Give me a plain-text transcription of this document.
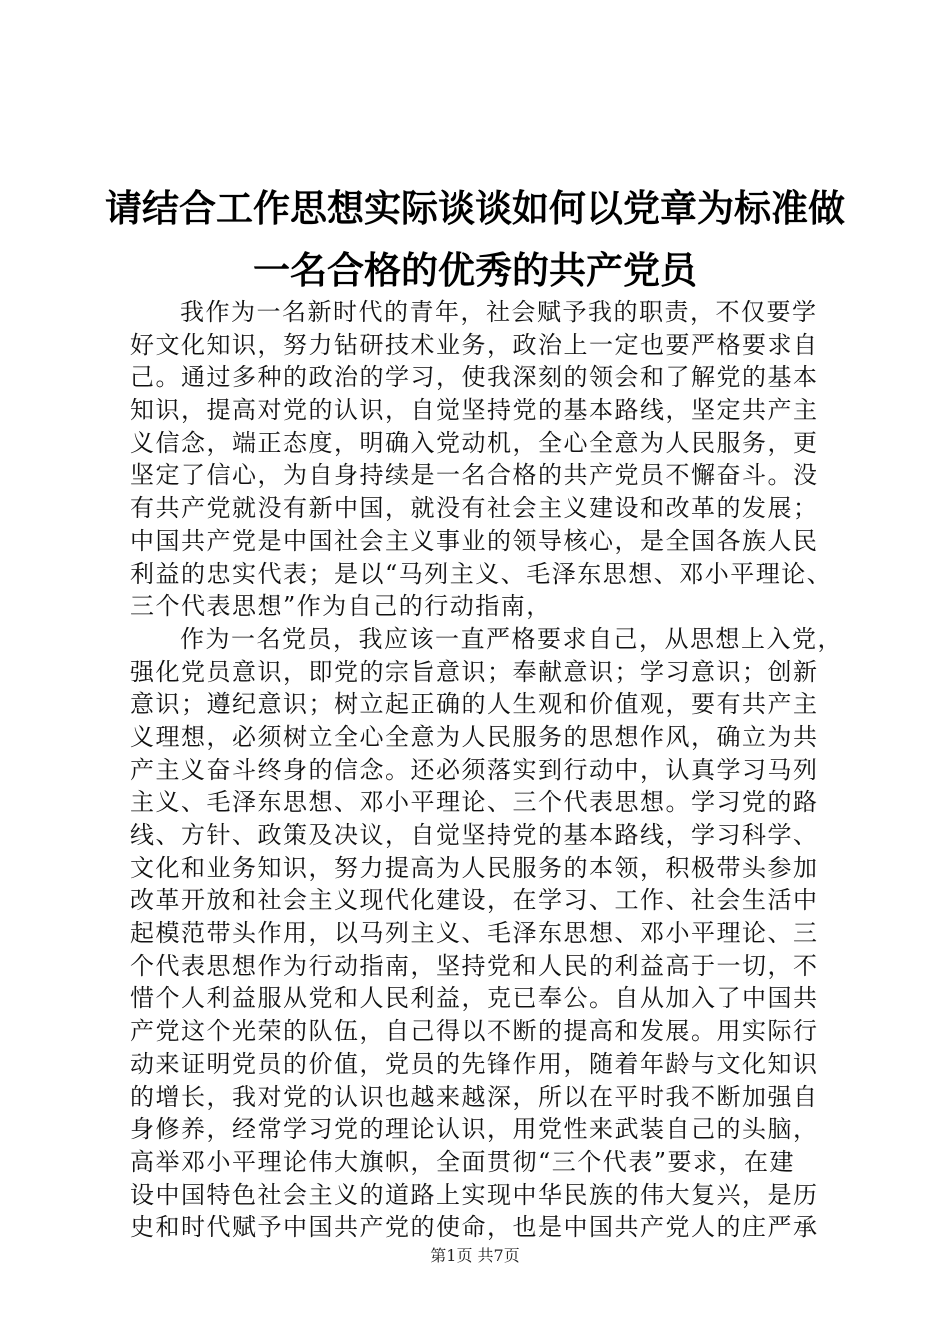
请结合工作思想实际谈谈如何以党章为标准做
一名合格的优秀的共产党员
我作为一名新时代的青年，社会赋予我的职责，不仅要学
好文化知识，努力钻研技术业务，政治上一定也要严格要求自
己。通过多种的政治的学习，使我深刻的领会和了解党的基本
知识，提高对党的认识，自觉坚持党的基本路线，坚定共产主
义信念，端正态度，明确入党动机，全心全意为人民服务，更
坚定了信心，为自身持续是一名合格的共产党员不懈奋斗。没
有共产党就没有新中国，就没有社会主义建设和改革的发展；
中国共产党是中国社会主义事业的领导核心，是全国各族人民
利益的忠实代表；是以“马列主义、毛泽东思想、邓小平理论、
三个代表思想”作为自己的行动指南，
作为一名党员，我应该一直严格要求自己，从思想上入党，
强化党员意识，即党的宗旨意识；奉献意识；学习意识；创新
意识；遵纪意识；树立起正确的人生观和价值观，要有共产主
义理想，必须树立全心全意为人民服务的思想作风，确立为共
产主义奋斗终身的信念。还必须落实到行动中，认真学习马列
主义、毛泽东思想、邓小平理论、三个代表思想。学习党的路
线、方针、政策及决议，自觉坚持党的基本路线，学习科学、
文化和业务知识，努力提高为人民服务的本领，积极带头参加
改革开放和社会主义现代化建设，在学习、工作、社会生活中
起模范带头作用，以马列主义、毛泽东思想、邓小平理论、三
个代表思想作为行动指南，坚持党和人民的利益高于一切，不
惜个人利益服从党和人民利益，克已奉公。自从加入了中国共
产党这个光荣的队伍，自己得以不断的提高和发展。用实际行
动来证明党员的价值，党员的先锋作用，随着年龄与文化知识
的增长，我对党的认识也越来越深，所以在平时我不断加强自
身修养，经常学习党的理论认识，用党性来武装自己的头脑，
高举邓小平理论伟大旗帜，全面贯彻“三个代表”要求，在建
设中国特色社会主义的道路上实现中华民族的伟大复兴，是历
史和时代赋予中国共产党的使命，也是中国共产党人的庄严承
第1页 共7页
